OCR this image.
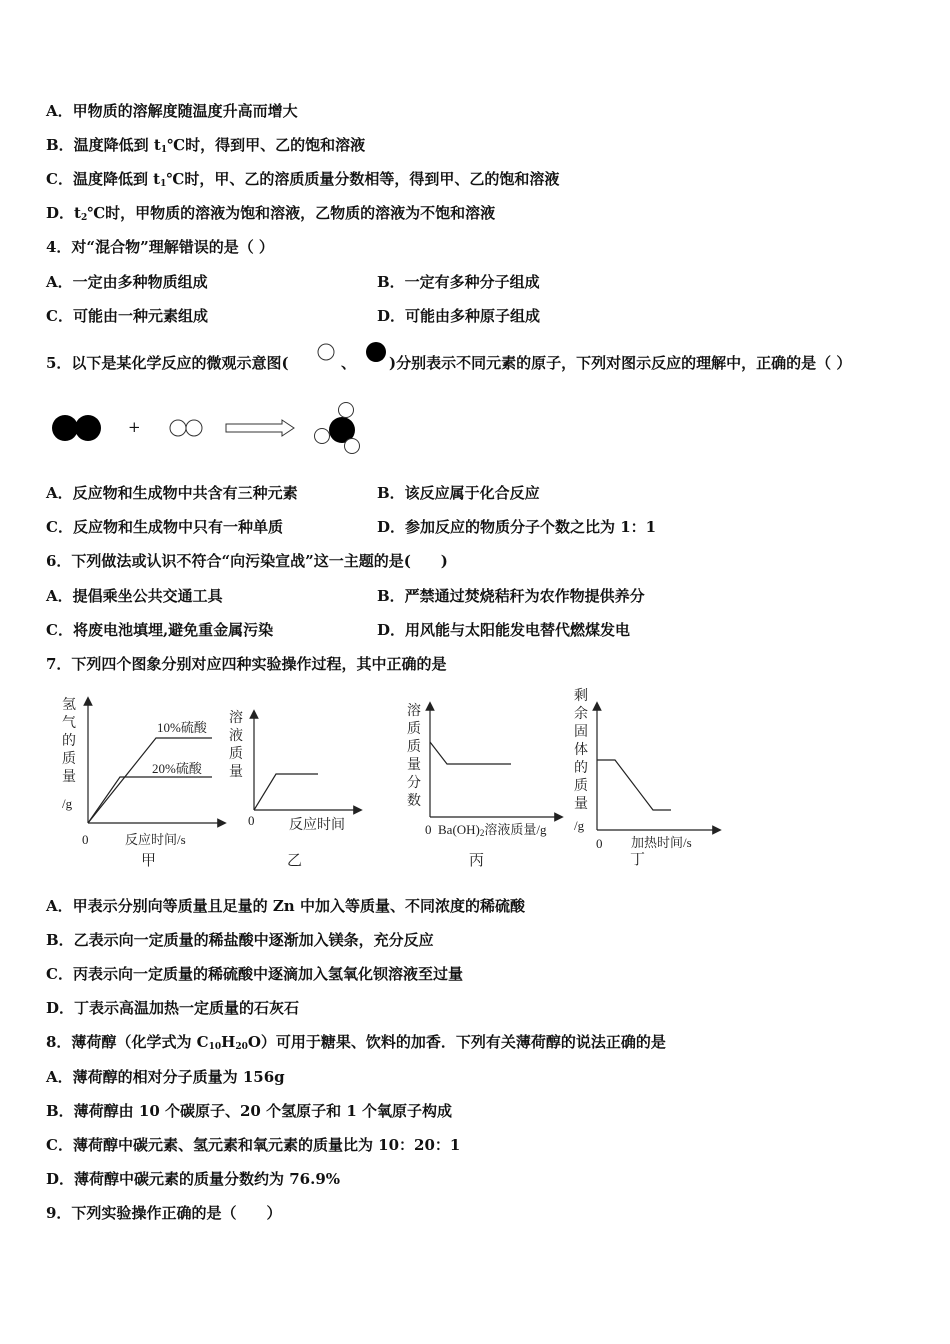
A．甲物质的溶解度随温度升高而增大
B．温度降低到 $t_1℃$时，得到甲、乙的饱和溶液
C．温度降低到 $t_1℃$时，甲、乙的溶质质量分数相等，得到甲、乙的饱和溶液
D．$t_2℃$时，甲物质的溶液为饱和溶液，乙物质的溶液为不饱和溶液
4．对“混合物”理解错误的是（ ）
A．一定由多种物质组成	B．一定有多种分子组成
C．可能由一种元素组成	D．可能由多种原子组成
5．以下是某化学反应的微观示意图(	、 )分别表示不同元素的原子，下列对图示反应的理解中，正确的是（ ）
+
A．反应物和生成物中共含有三种元素	B．该反应属于化合反应
C．反应物和生成物中只有一种单质	D．参加反应的物质分子个数之比为 1：1
6．下列做法或认识不符合“向污染宣战”这一主题的是(　　)
A．提倡乘坐公共交通工具	B．严禁通过焚烧秸秆为农作物提供养分
C．将废电池填埋,避免重金属污染	D．用风能与太阳能发电替代燃煤发电
7．下列四个图象分别对应四种实验操作过程，其中正确的是
氢气的质量
/g
10%硫酸
20%硫酸
0	反应时间/s
甲
溶液质量
0 反应时间
乙
溶质质量分数
0 $Ba(OH)_2$溶液质量/g
丙
剩余固体的质量
/g
0 加热时间/s
丁
A．甲表示分别向等质量且足量的 Zn 中加入等质量、不同浓度的稀硫酸
B．乙表示向一定质量的稀盐酸中逐渐加入镁条，充分反应
C．丙表示向一定质量的稀硫酸中逐滴加入氢氧化钡溶液至过量
D．丁表示高温加热一定质量的石灰石
8．薄荷醇（化学式为 $C_{10}H_{20}O$）可用于糖果、饮料的加香．下列有关薄荷醇的说法正确的是
A．薄荷醇的相对分子质量为 156g
B．薄荷醇由 10 个碳原子、20 个氢原子和 1 个氧原子构成
C．薄荷醇中碳元素、氢元素和氧元素的质量比为 10：20：1
D．薄荷醇中碳元素的质量分数约为 76.9%
9．下列实验操作正确的是（　　）
